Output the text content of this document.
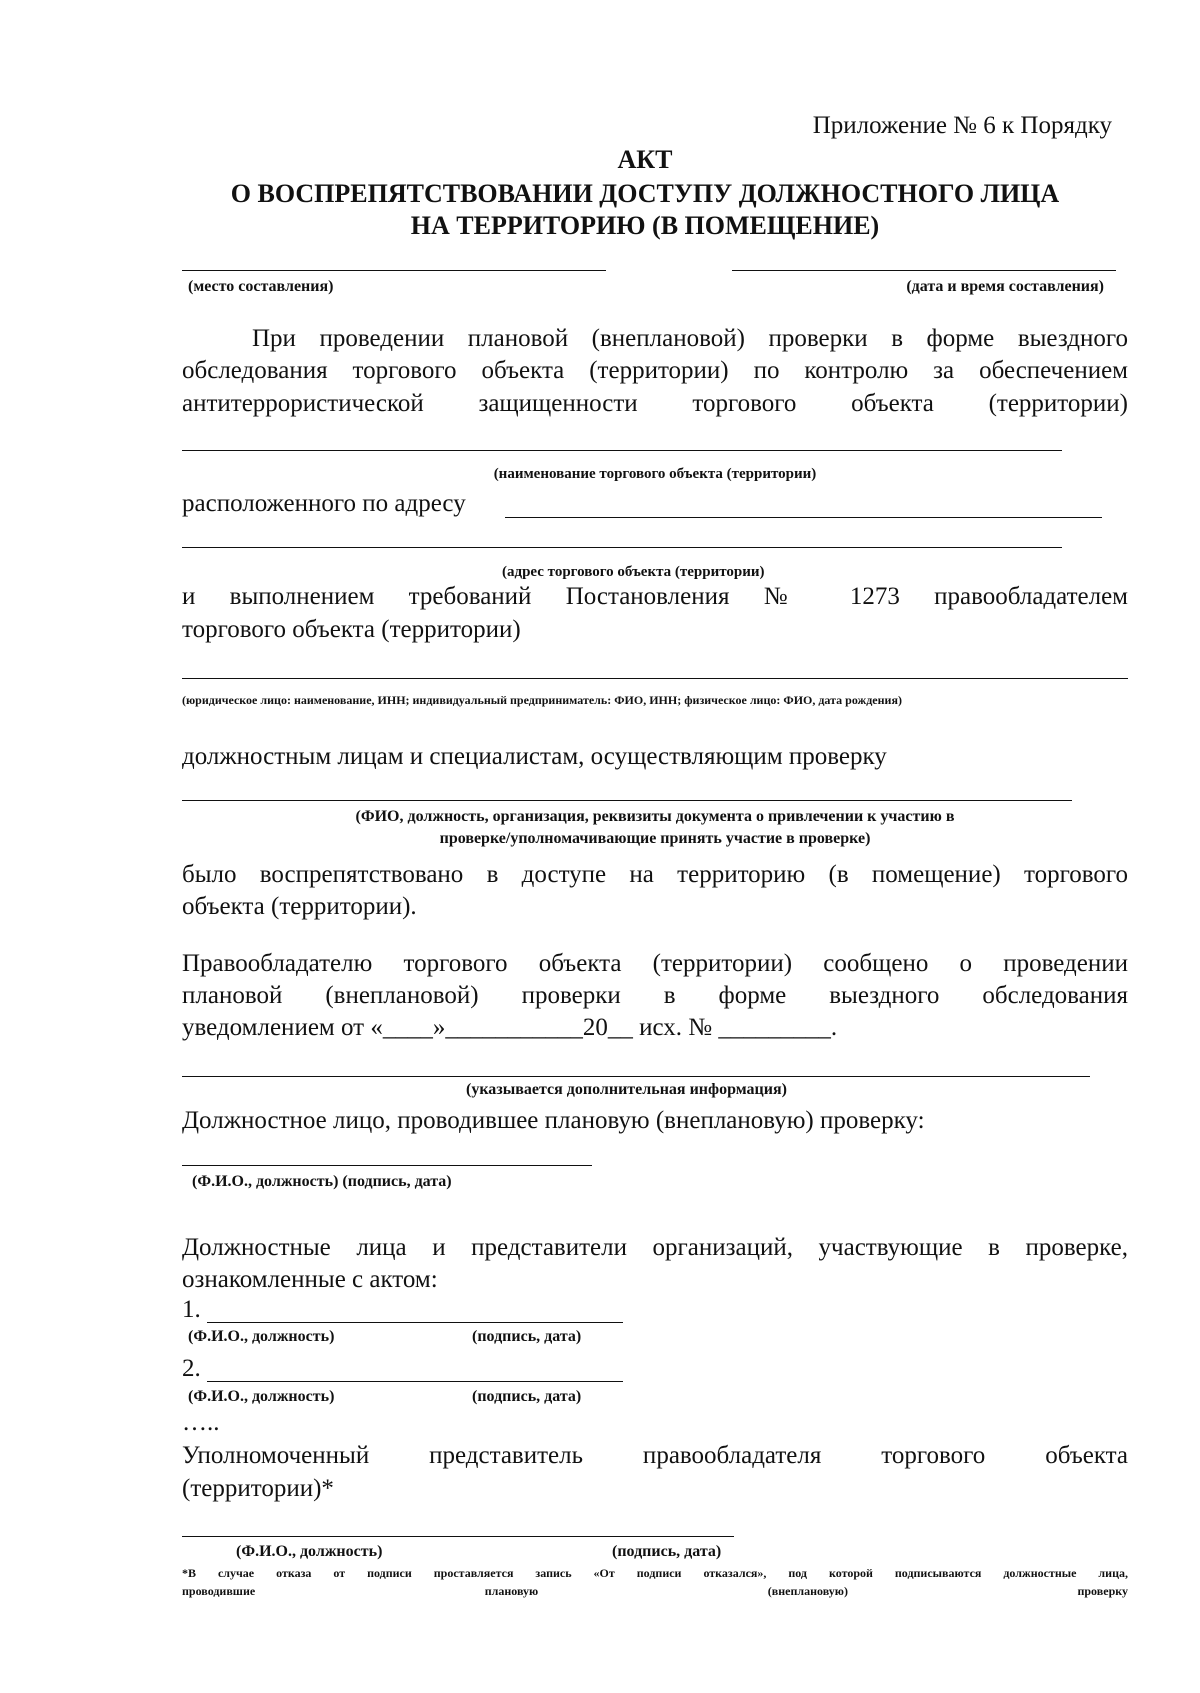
Приложение № 6 к Порядку
АКТ
О ВОСПРЕПЯТСТВОВАНИИ ДОСТУПУ ДОЛЖНОСТНОГО ЛИЦА
НА ТЕРРИТОРИЮ (В ПОМЕЩЕНИЕ)
(место составления)	(дата и время составления)
При проведении плановой (внеплановой) проверки в форме выездного
обследования торгового объекта (территории) по контролю за обеспечением
антитеррористической защищенности торгового объекта (территории)
(наименование торгового объекта (территории)
расположенного по адресу
(адрес торгового объекта (территории)
и выполнением требований Постановления № 1273 правообладателем
торгового объекта (территории)
(юридическое лицо: наименование, ИНН; индивидуальный предприниматель: ФИО, ИНН; физическое лицо: ФИО, дата рождения)
должностным лицам и специалистам, осуществляющим проверку
(ФИО, должность, организация, реквизиты документа о привлечении к участию в
проверке/уполномачивающие принять участие в проверке)
было воспрепятствовано в доступе на территорию (в помещение) торгового
объекта (территории).
Правообладателю торгового объекта (территории) сообщено о проведении
плановой (внеплановой) проверки в форме выездного обследования
уведомлением от «____»___________20__ исх. № _________.
(указывается дополнительная информация)
Должностное лицо, проводившее плановую (внеплановую) проверку:
(Ф.И.О., должность) (подпись, дата)
Должностные лица и представители организаций, участвующие в проверке,
ознакомленные с актом:
1.
(Ф.И.О., должность)	(подпись, дата)
2.
(Ф.И.О., должность)	(подпись, дата)
…..
Уполномоченный представитель правообладателя торгового объекта
(территории)*
(Ф.И.О., должность)	(подпись, дата)
*В случае отказа от подписи проставляется запись «От подписи отказался», под которой подписываются должностные лица,
проводившие плановую (внеплановую) проверку
